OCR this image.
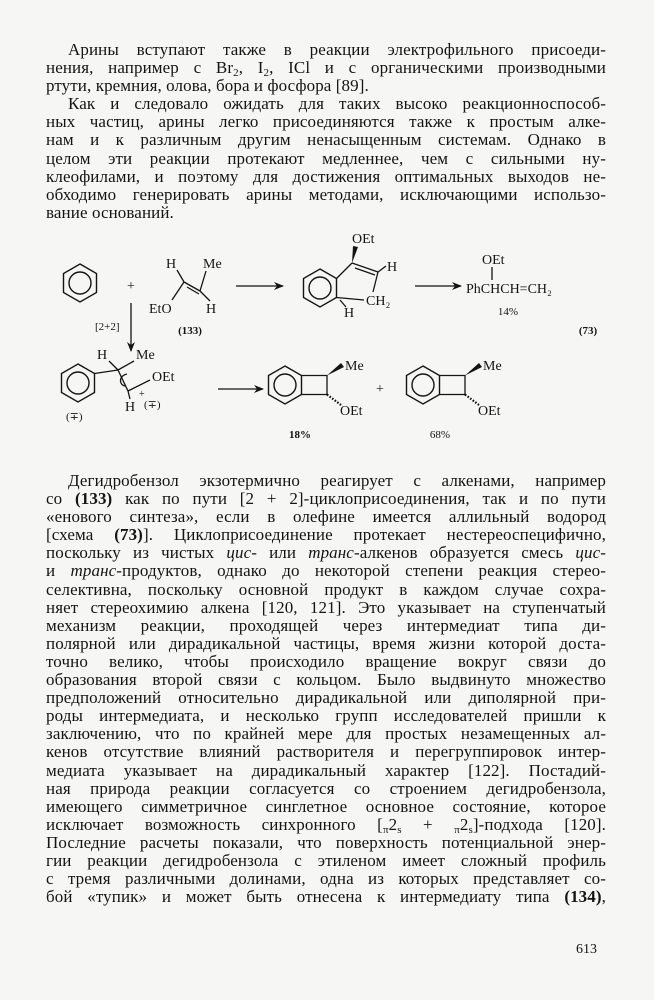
Арины вступают также в реакции электрофильного присоеди-
нения, например с Br2, I2, ICl и с органическими производными
ртути, кремния, олова, бора и фосфора [89].
Как и следовало ожидать для таких высоко реакционноспособ-
ных частиц, арины легко присоединяются также к простым алке-
нам и к различным другим ненасыщенным системам. Однако в
целом эти реакции протекают медленнее, чем с сильными ну-
клеофилами, и поэтому для достижения оптимальных выходов не-
обходимо генерировать арины методами, исключающими использо-
вание оснований.
+
H Me
EtO H
(133)
OEt
H
CH₂
H
OEt
PhCHCH=CH₂
14%
(73)
[2+2]
H Me
OEt
H
(∓)
+
(∓)
Me
OEt
18%
+
Me
OEt
68%
Дегидробензол экзотермично реагирует с алкенами, например
со (133) как по пути [2 + 2]-циклоприсоединения, так и по пути
«енового синтеза», если в олефине имеется аллильный водород
[схема (73)]. Циклоприсоединение протекает нестереоспецифично,
поскольку из чистых цис- или транс-алкенов образуется смесь цис-
и транс-продуктов, однако до некоторой степени реакция стерео-
селективна, поскольку основной продукт в каждом случае сохра-
няет стереохимию алкена [120, 121]. Это указывает на ступенчатый
механизм реакции, проходящей через интермедиат типа ди-
полярной или дирадикальной частицы, время жизни которой доста-
точно велико, чтобы происходило вращение вокруг связи до
образования второй связи с кольцом. Было выдвинуто множество
предположений относительно дирадикальной или диполярной при-
роды интермедиата, и несколько групп исследователей пришли к
заключению, что по крайней мере для простых незамещенных ал-
кенов отсутствие влияний растворителя и перегруппировок интер-
медиата указывает на дирадикальный характер [122]. Постадий-
ная природа реакции согласуется со строением дегидробензола,
имеющего симметричное синглетное основное состояние, которое
исключает возможность синхронного [π2s + π2s]-подхода [120].
Последние расчеты показали, что поверхность потенциальной энер-
гии реакции дегидробензола с этиленом имеет сложный профиль
с тремя различными долинами, одна из которых представляет со-
бой «тупик» и может быть отнесена к интермедиату типа (134),
613
